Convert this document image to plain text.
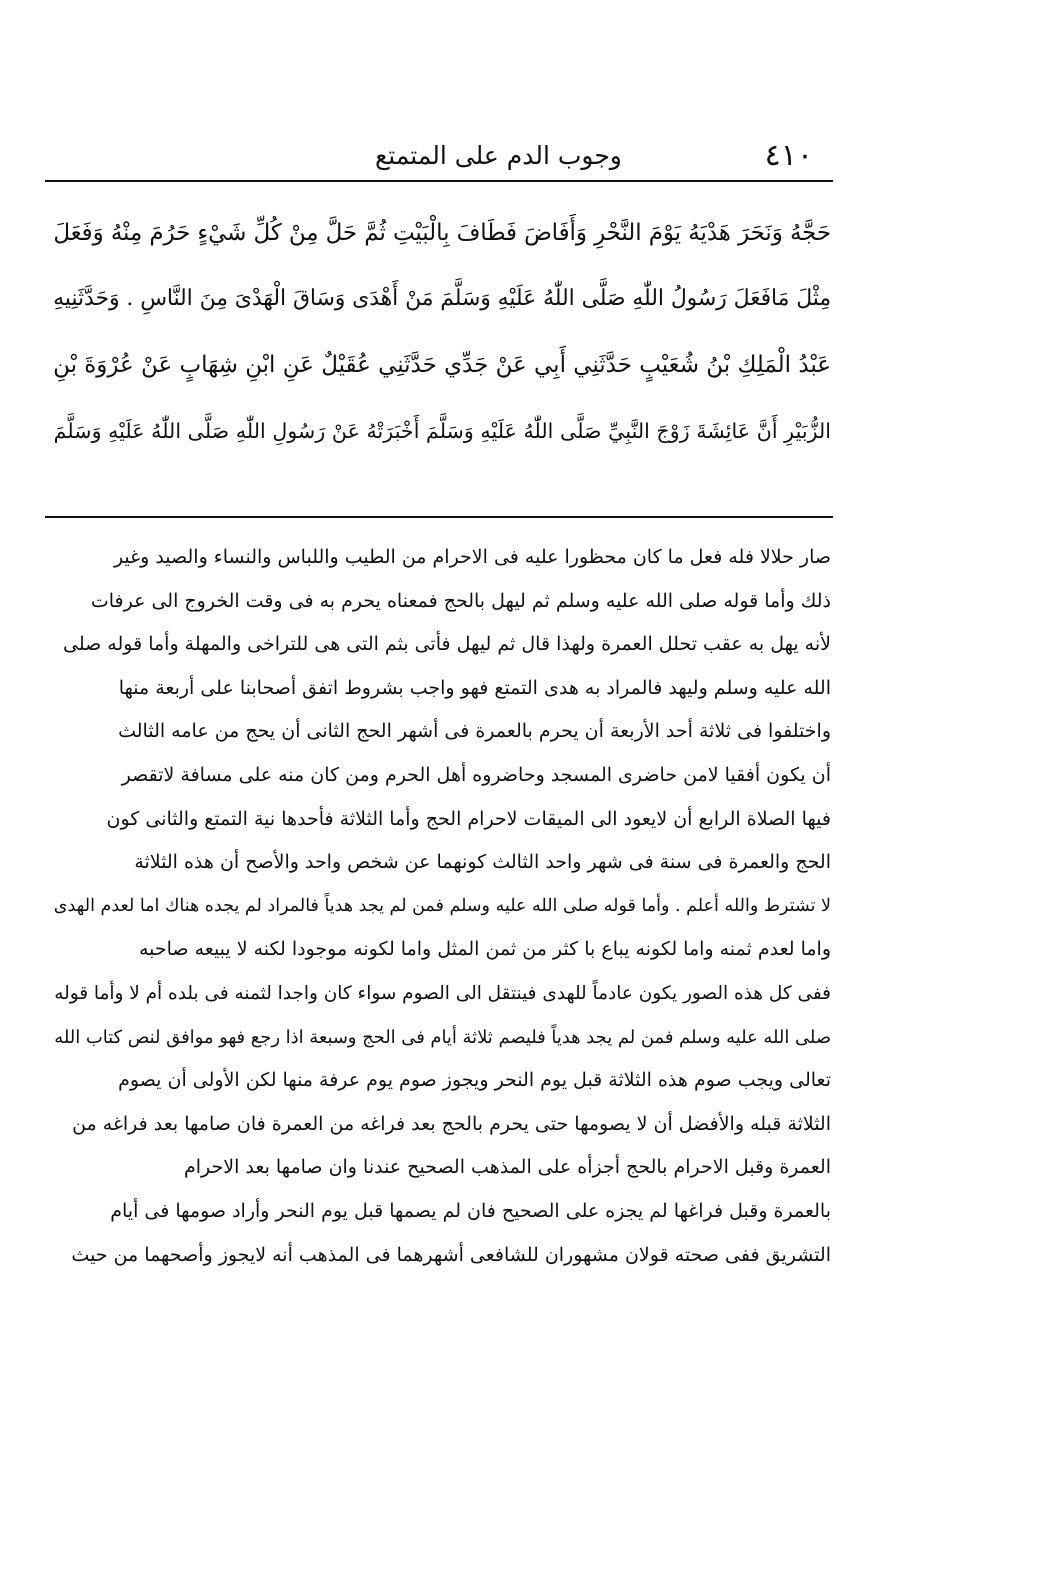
٤١٠
وجوب الدم على المتمتع
حَجَّهُ وَنَحَرَ هَدْيَهُ يَوْمَ النَّحْرِ وَأَفَاضَ فَطَافَ بِالْبَيْتِ ثُمَّ حَلَّ مِنْ كُلِّ شَيْءٍ حَرُمَ مِنْهُ وَفَعَلَ
مِثْلَ مَافَعَلَ رَسُولُ اللّٰهِ صَلَّى اللّٰهُ عَلَيْهِ وَسَلَّمَ مَنْ أَهْدَى وَسَاقَ الْهَدْىَ مِنَ النَّاسِ . وَحَدَّثَنِيهِ
عَبْدُ الْمَلِكِ بْنُ شُعَيْبٍ حَدَّثَنِي أَبِي عَنْ جَدِّي حَدَّثَنِي عُقَيْلٌ عَنِ ابْنِ شِهَابٍ عَنْ عُرْوَةَ بْنِ
الزُّبَيْرِ أَنَّ عَائِشَةَ زَوْجَ النَّبِيِّ صَلَّى اللّٰهُ عَلَيْهِ وَسَلَّمَ أَخْبَرَتْهُ عَنْ رَسُولِ اللّٰهِ صَلَّى اللّٰهُ عَلَيْهِ وَسَلَّمَ
صار حلالا فله فعل ما كان محظورا عليه فى الاحرام من الطيب واللباس والنساء والصيد وغير
ذلك وأما قوله صلى الله عليه وسلم ثم ليهل بالحج فمعناه يحرم به فى وقت الخروج الى عرفات
لأنه يهل به عقب تحلل العمرة ولهذا قال ثم ليهل فأتى بثم التى هى للتراخى والمهلة وأما قوله صلى
الله عليه وسلم وليهد فالمراد به هدى التمتع فهو واجب بشروط اتفق أصحابنا على أربعة منها
واختلفوا فى ثلاثة أحد الأربعة أن يحرم بالعمرة فى أشهر الحج الثانى أن يحج من عامه الثالث
أن يكون أفقيا لامن حاضرى المسجد وحاضروه أهل الحرم ومن كان منه على مسافة لاتقصر
فيها الصلاة الرابع أن لايعود الى الميقات لاحرام الحج وأما الثلاثة فأحدها نية التمتع والثانى كون
الحج والعمرة فى سنة فى شهر واحد الثالث كونهما عن شخص واحد والأصح أن هذه الثلاثة
لا تشترط والله أعلم . وأما قوله صلى الله عليه وسلم فمن لم يجد هدياً فالمراد لم يجده هناك اما لعدم الهدى
واما لعدم ثمنه واما لكونه يباع با كثر من ثمن المثل واما لكونه موجودا لكنه لا يبيعه صاحبه
ففى كل هذه الصور يكون عادماً للهدى فينتقل الى الصوم سواء كان واجدا لثمنه فى بلده أم لا وأما قوله
صلى الله عليه وسلم فمن لم يجد هدياً فليصم ثلاثة أيام فى الحج وسبعة اذا رجع فهو موافق لنص كتاب الله
تعالى ويجب صوم هذه الثلاثة قبل يوم النحر ويجوز صوم يوم عرفة منها لكن الأولى أن يصوم
الثلاثة قبله والأفضل أن لا يصومها حتى يحرم بالحج بعد فراغه من العمرة فان صامها بعد فراغه من
العمرة وقبل الاحرام بالحج أجزأه على المذهب الصحيح عندنا وان صامها بعد الاحرام
بالعمرة وقبل فراغها لم يجزه على الصحيح فان لم يصمها قبل يوم النحر وأراد صومها فى أيام
التشريق ففى صحته قولان مشهوران للشافعى أشهرهما فى المذهب أنه لايجوز وأصحهما من حيث
